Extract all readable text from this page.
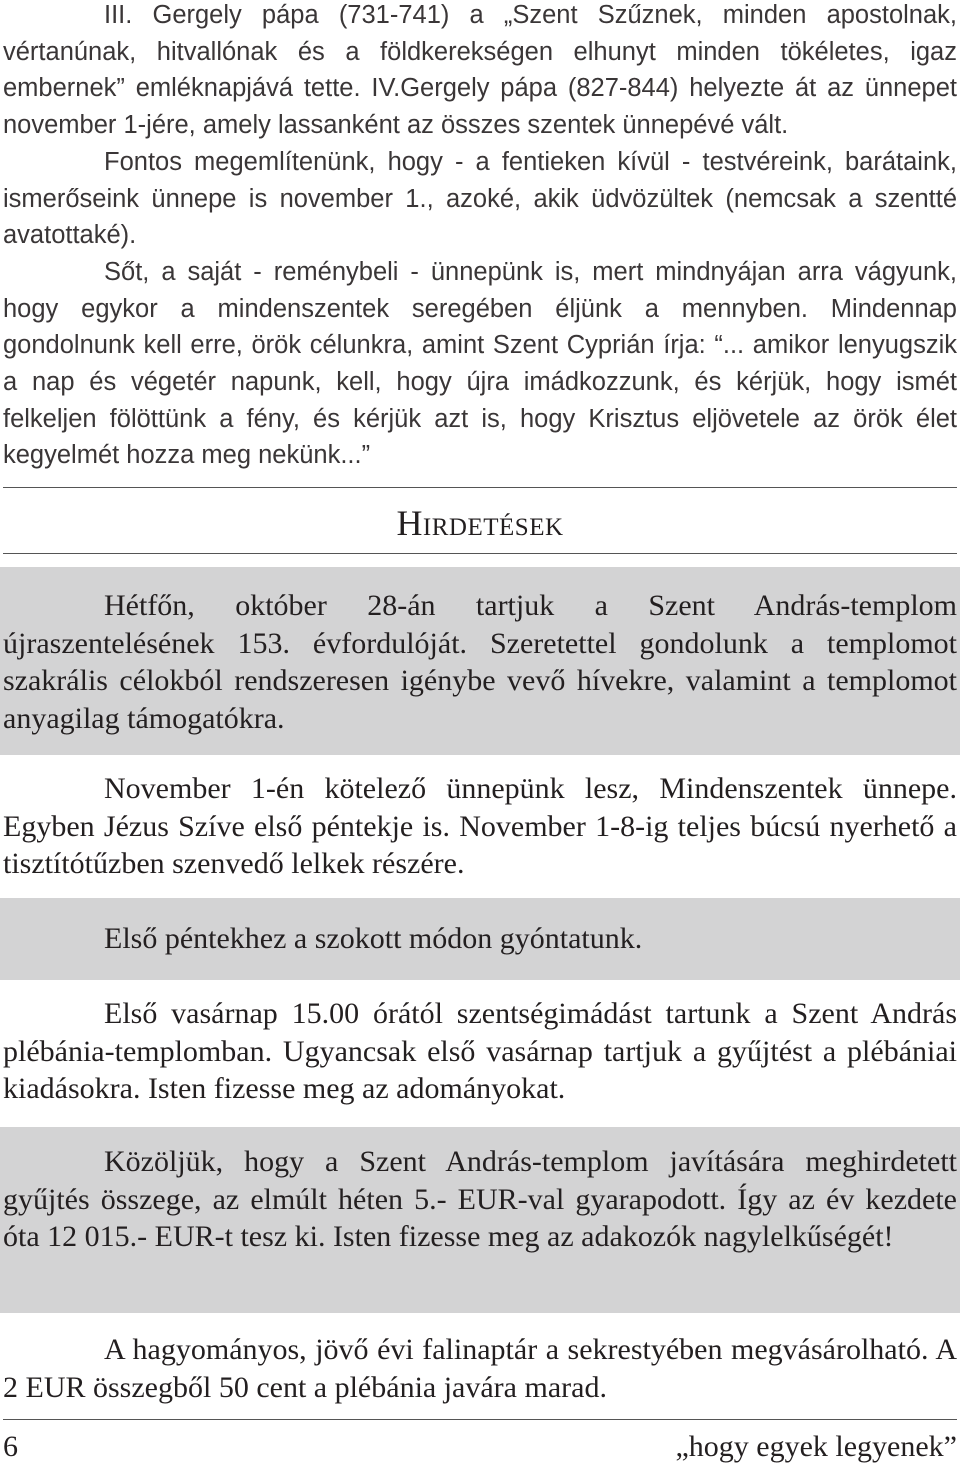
III. Gergely pápa (731-741) a „Szent Szűznek, minden apostolnak, vértanúnak, hitvallónak és a földkerekségen elhunyt minden tökéletes, igaz embernek” emléknapjává tette. IV.Gergely pápa (827-844) helyezte át az ünnepet november 1-jére, amely lassanként az összes szentek ünnepévé vált.

Fontos megemlítenünk, hogy - a fentieken kívül - testvéreink, barátaink, ismerőseink ünnepe is november 1., azoké, akik üdvözültek (nemcsak a szentté avatottaké).

Sőt, a saját - reménybeli - ünnepünk is, mert mindnyájan arra vágyunk, hogy egykor a mindenszentek seregében éljünk a mennyben. Mindennap gondolnunk kell erre, örök célunkra, amint Szent Cyprián írja: “... amikor lenyugszik a nap és végetér napunk, kell, hogy újra imádkozzunk, és kérjük, hogy ismét felkeljen fölöttünk a fény, és kérjük azt is, hogy Krisztus eljövetele az örök élet kegyelmét hozza meg nekünk...”

Hirdetések

Hétfőn, október 28-án tartjuk a Szent András-templom újraszentelésének 153. évfordulóját. Szeretettel gondolunk a templomot szakrális célokból rendszeresen igénybe vevő hívekre, valamint a templomot anyagilag támogatókra.

November 1-én kötelező ünnepünk lesz, Mindenszentek ünnepe. Egyben Jézus Szíve első péntekje is. November 1-8-ig teljes búcsú nyerhető a tisztítótűzben szenvedő lelkek részére.

Első péntekhez a szokott módon gyóntatunk.

Első vasárnap 15.00 órától szentségimádást tartunk a Szent András plébánia-templomban. Ugyancsak első vasárnap tartjuk a gyűjtést a plébániai kiadásokra. Isten fizesse meg az adományokat.

Közöljük, hogy a Szent András-templom javítására meghirdetett gyűjtés összege, az elmúlt héten 5.- EUR-val gyarapodott. Így az év kezdete óta 12 015.- EUR-t tesz ki. Isten fizesse meg az adakozók nagylelkűségét!

A hagyományos, jövő évi falinaptár a sekrestyében megvásárolható. A 2 EUR összegből 50 cent a plébánia javára marad.

6	„hogy egyek legyenek”
